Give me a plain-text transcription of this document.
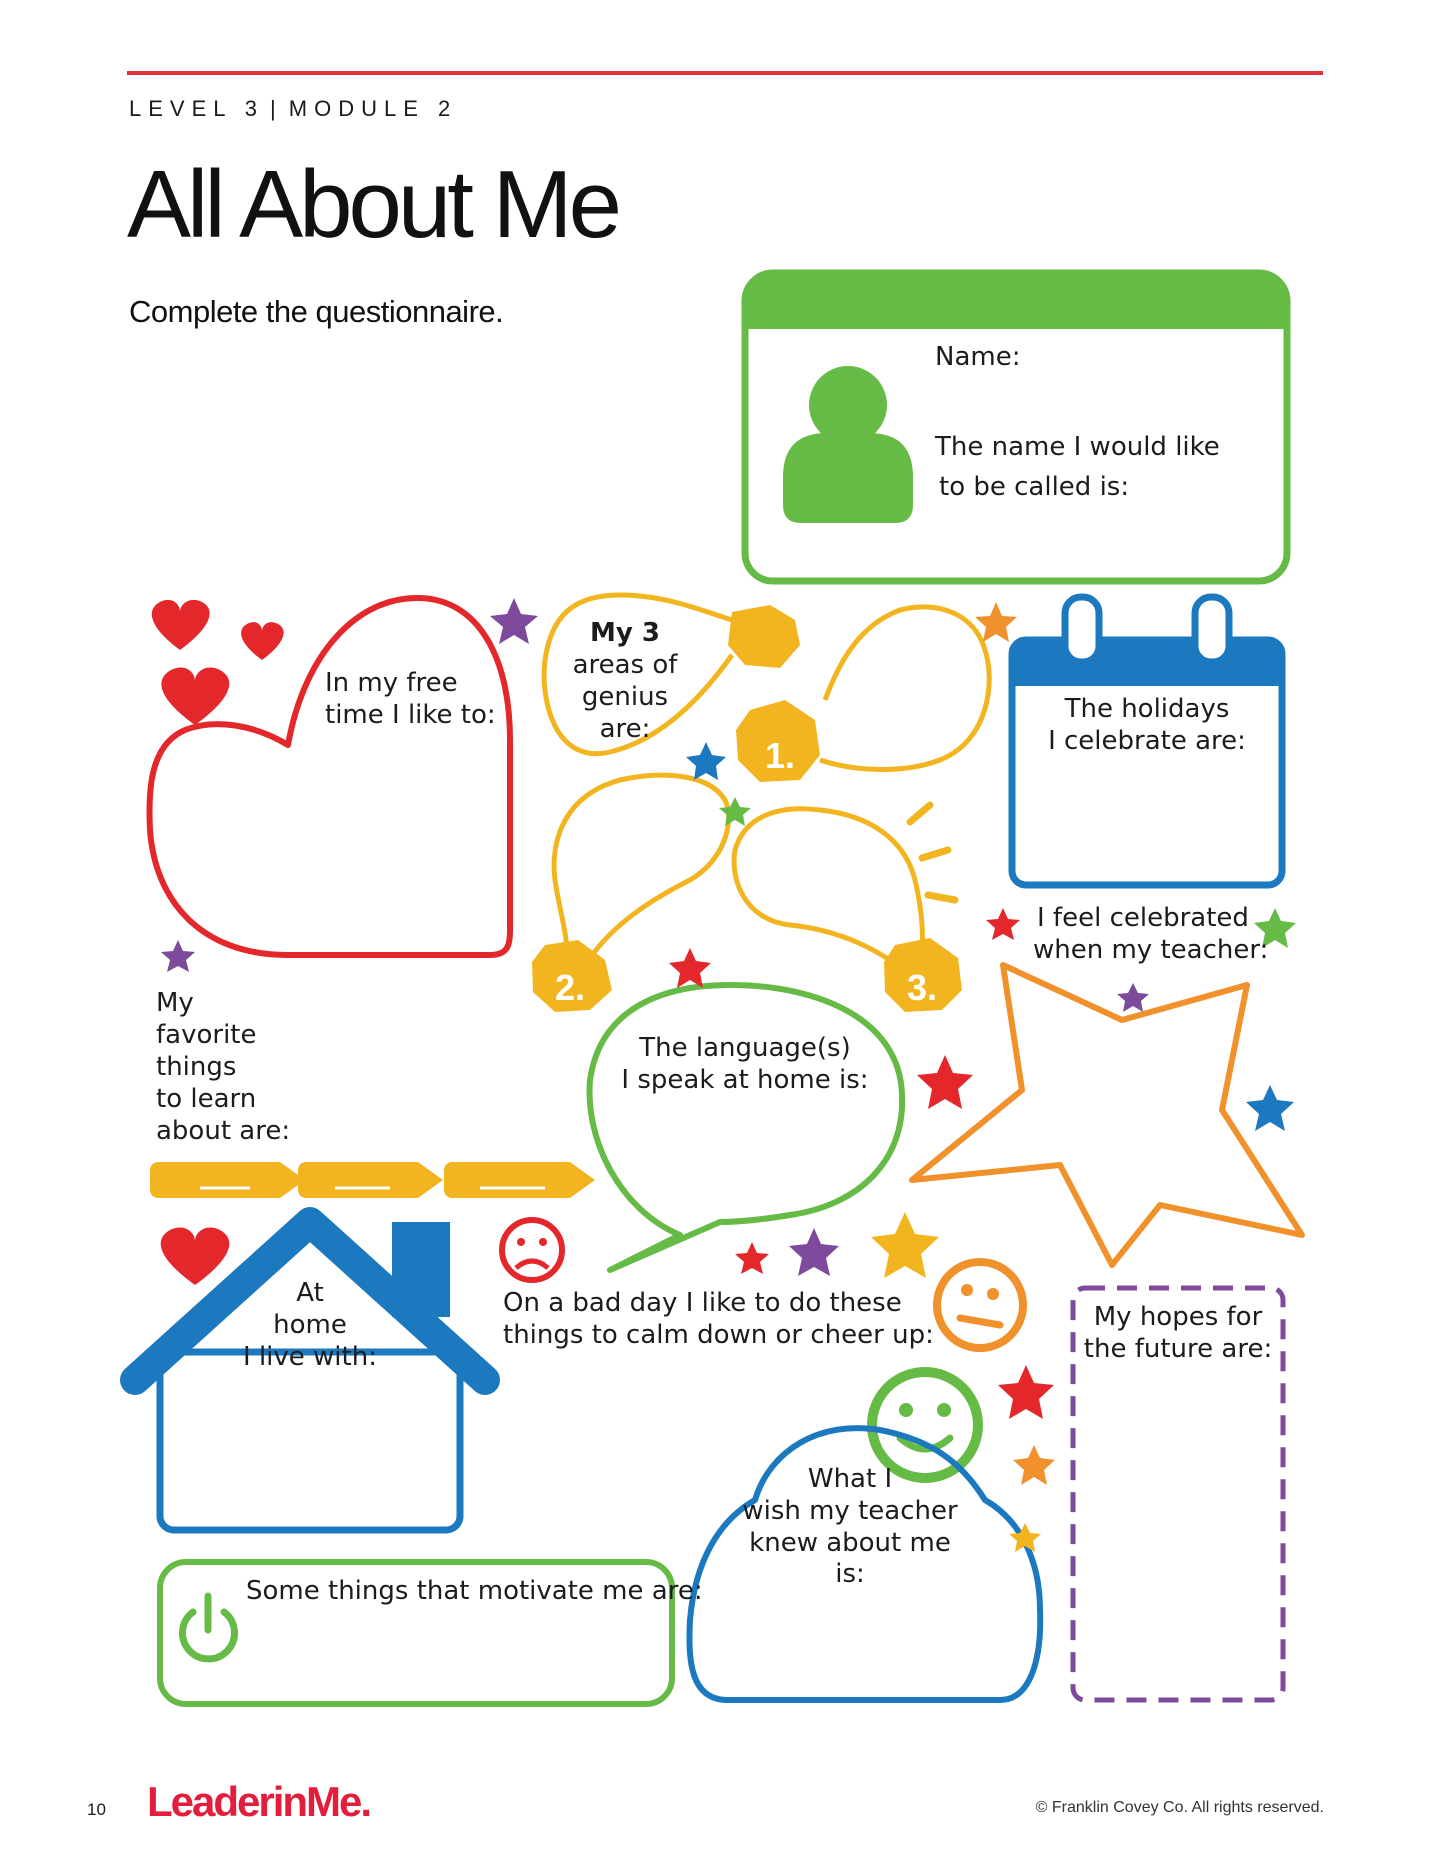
1.
2.	3.
LEVEL 3 | MODULE 2
All About Me
Complete the questionnaire.
Name:
The name I would like
to be called is:
In my free
time I like to:
My 3
areas of
genius
are:
The holidays
I celebrate are:
I feel celebrated
when my teacher:
My
favorite
things
to learn
about are:
The language(s)
I speak at home is:
At
home
I live with:
On a bad day I like to do these
things to calm down or cheer up:
My hopes for
the future are:
What I
wish my teacher
knew about me is:
Some things that motivate me are:
10 LeaderinMe.	© Franklin Covey Co. All rights reserved.
